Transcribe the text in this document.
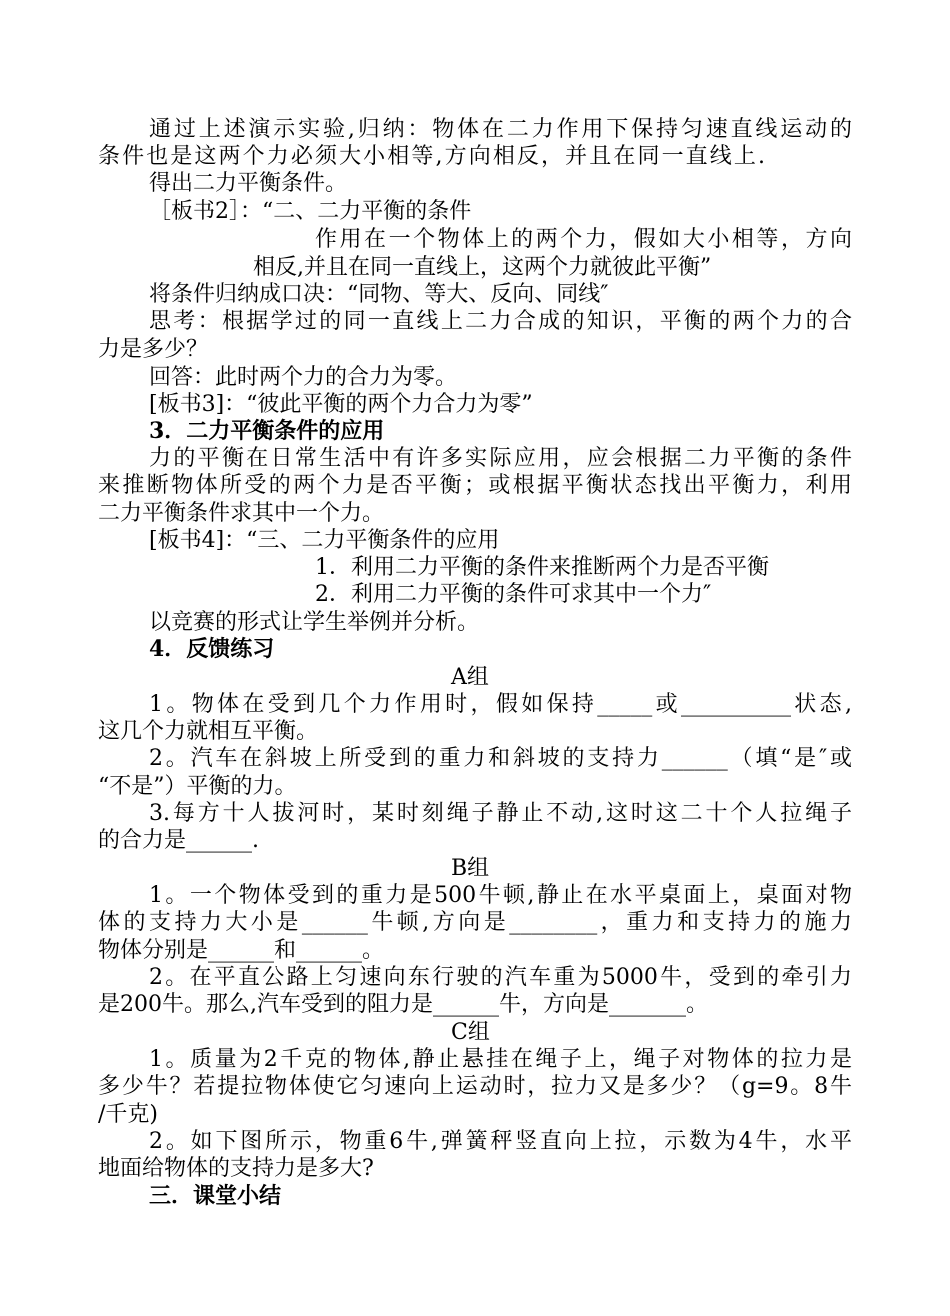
通过上述演示实验,归纳：物体在二力作用下保持匀速直线运动的
条件也是这两个力必须大小相等,方向相反，并且在同一直线上.
得出二力平衡条件。
［板书2］：“二、二力平衡的条件
作用在一个物体上的两个力，假如大小相等，方向
相反,并且在同一直线上，这两个力就彼此平衡”
将条件归纳成口决：“同物、等大、反向、同线″
思考：根据学过的同一直线上二力合成的知识，平衡的两个力的合
力是多少？
回答：此时两个力的合力为零。
[板书3]：“彼此平衡的两个力合力为零”
3．二力平衡条件的应用
力的平衡在日常生活中有许多实际应用，应会根据二力平衡的条件
来推断物体所受的两个力是否平衡；或根据平衡状态找出平衡力，利用
二力平衡条件求其中一个力。
[板书4]：“三、二力平衡条件的应用
1．利用二力平衡的条件来推断两个力是否平衡
2．利用二力平衡的条件可求其中一个力″
以竞赛的形式让学生举例并分析。
4．反馈练习
A组
1。物体在受到几个力作用时，假如保持_____或__________状态,
这几个力就相互平衡。
2。汽车在斜坡上所受到的重力和斜坡的支持力______（填“是″或
“不是”）平衡的力。
3.每方十人拔河时，某时刻绳子静止不动,这时这二十个人拉绳子
的合力是______.
B组
1。一个物体受到的重力是500牛顿,静止在水平桌面上，桌面对物
体的支持力大小是______牛顿,方向是________，重力和支持力的施力
物体分别是______和______。
2。在平直公路上匀速向东行驶的汽车重为5000牛，受到的牵引力
是200牛。那么,汽车受到的阻力是______牛，方向是_______。
C组
1。质量为2千克的物体,静止悬挂在绳子上，绳子对物体的拉力是
多少牛？若提拉物体使它匀速向上运动时，拉力又是多少？（g=9。8牛
/千克)
2。如下图所示，物重6牛,弹簧秤竖直向上拉，示数为4牛，水平
地面给物体的支持力是多大?
三．课堂小结
